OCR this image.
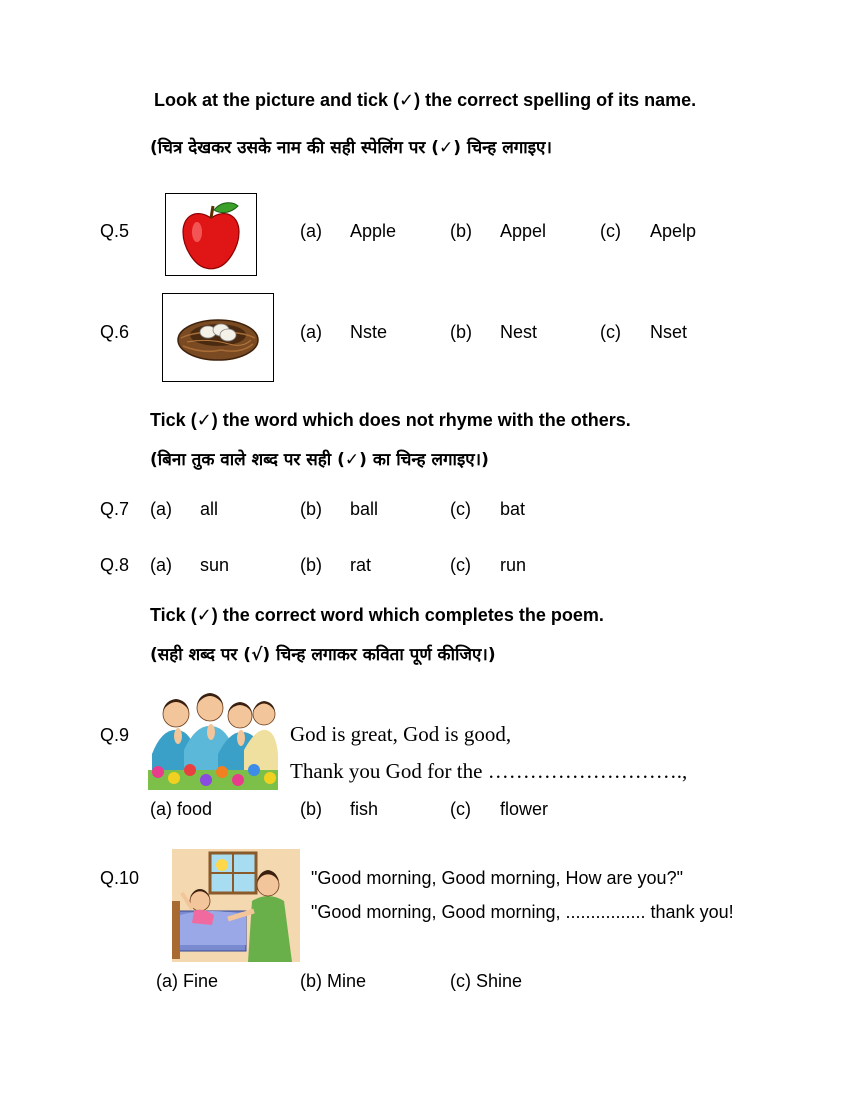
Look at the picture and tick (✓) the correct spelling of its name.
(चित्र देखकर उसके नाम की सही स्पेलिंग पर (✓) चिन्ह लगाइए।
Q.5	(a) Apple	(b) Appel	(c) Apelp
Q.6	(a) Nste	(b) Nest	(c) Nset
Tick (✓) the word which does not rhyme with the others.
(बिना तुक वाले शब्द पर सही (✓) का चिन्ह लगाइए।)
Q.7 (a) all	(b) ball	(c) bat
Q.8 (a) sun	(b) rat	(c) run
Tick (✓) the correct word which completes the poem.
(सही शब्द पर (√) चिन्ह लगाकर कविता पूर्ण कीजिए।)
Q.9	God is great, God is good,
Thank you God for the ……………………….,
(a) food	(b) fish	(c) flower
Q.10	"Good morning, Good morning, How are you?"
"Good morning, Good morning, ................ thank you!
(a) Fine	(b) Mine	(c) Shine
